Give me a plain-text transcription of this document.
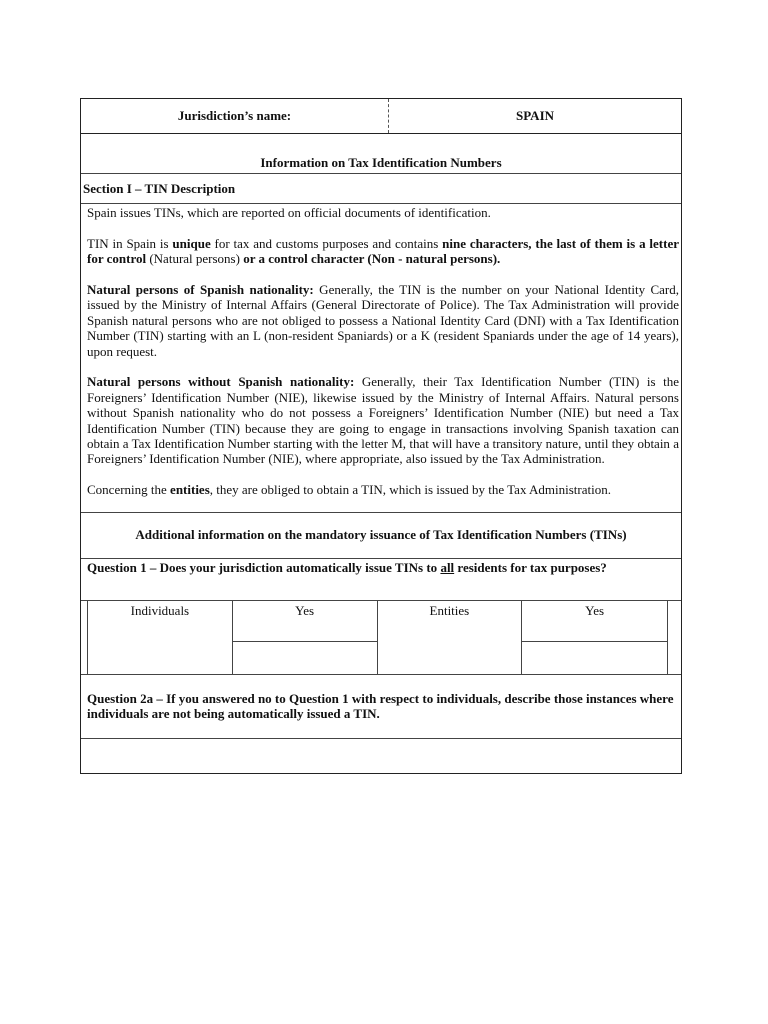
Jurisdiction’s name:	SPAIN
Information on Tax Identification Numbers
Section I – TIN Description

Spain issues TINs, which are reported on official documents of identification.

TIN in Spain is unique for tax and customs purposes and contains nine characters, the last of them is a letter for control (Natural persons) or a control character (Non - natural persons).

Natural persons of Spanish nationality: Generally, the TIN is the number on your National Identity Card, issued by the Ministry of Internal Affairs (General Directorate of Police). The Tax Administration will provide Spanish natural persons who are not obliged to possess a National Identity Card (DNI) with a Tax Identification Number (TIN) starting with an L (non-resident Spaniards) or a K (resident Spaniards under the age of 14 years), upon request.

Natural persons without Spanish nationality: Generally, their Tax Identification Number (TIN) is the Foreigners’ Identification Number (NIE), likewise issued by the Ministry of Internal Affairs. Natural persons without Spanish nationality who do not possess a Foreigners’ Identification Number (NIE) but need a Tax Identification Number (TIN) because they are going to engage in transactions involving Spanish taxation can obtain a Tax Identification Number starting with the letter M, that will have a transitory nature, until they obtain a Foreigners’ Identification Number (NIE), where appropriate, also issued by the Tax Administration.

Concerning the entities, they are obliged to obtain a TIN, which is issued by the Tax Administration.

Additional information on the mandatory issuance of Tax Identification Numbers (TINs)
Question 1 – Does your jurisdiction automatically issue TINs to all residents for tax purposes?
Individuals	Yes	Entities	Yes
Question 2a – If you answered no to Question 1 with respect to individuals, describe those instances where individuals are not being automatically issued a TIN.
